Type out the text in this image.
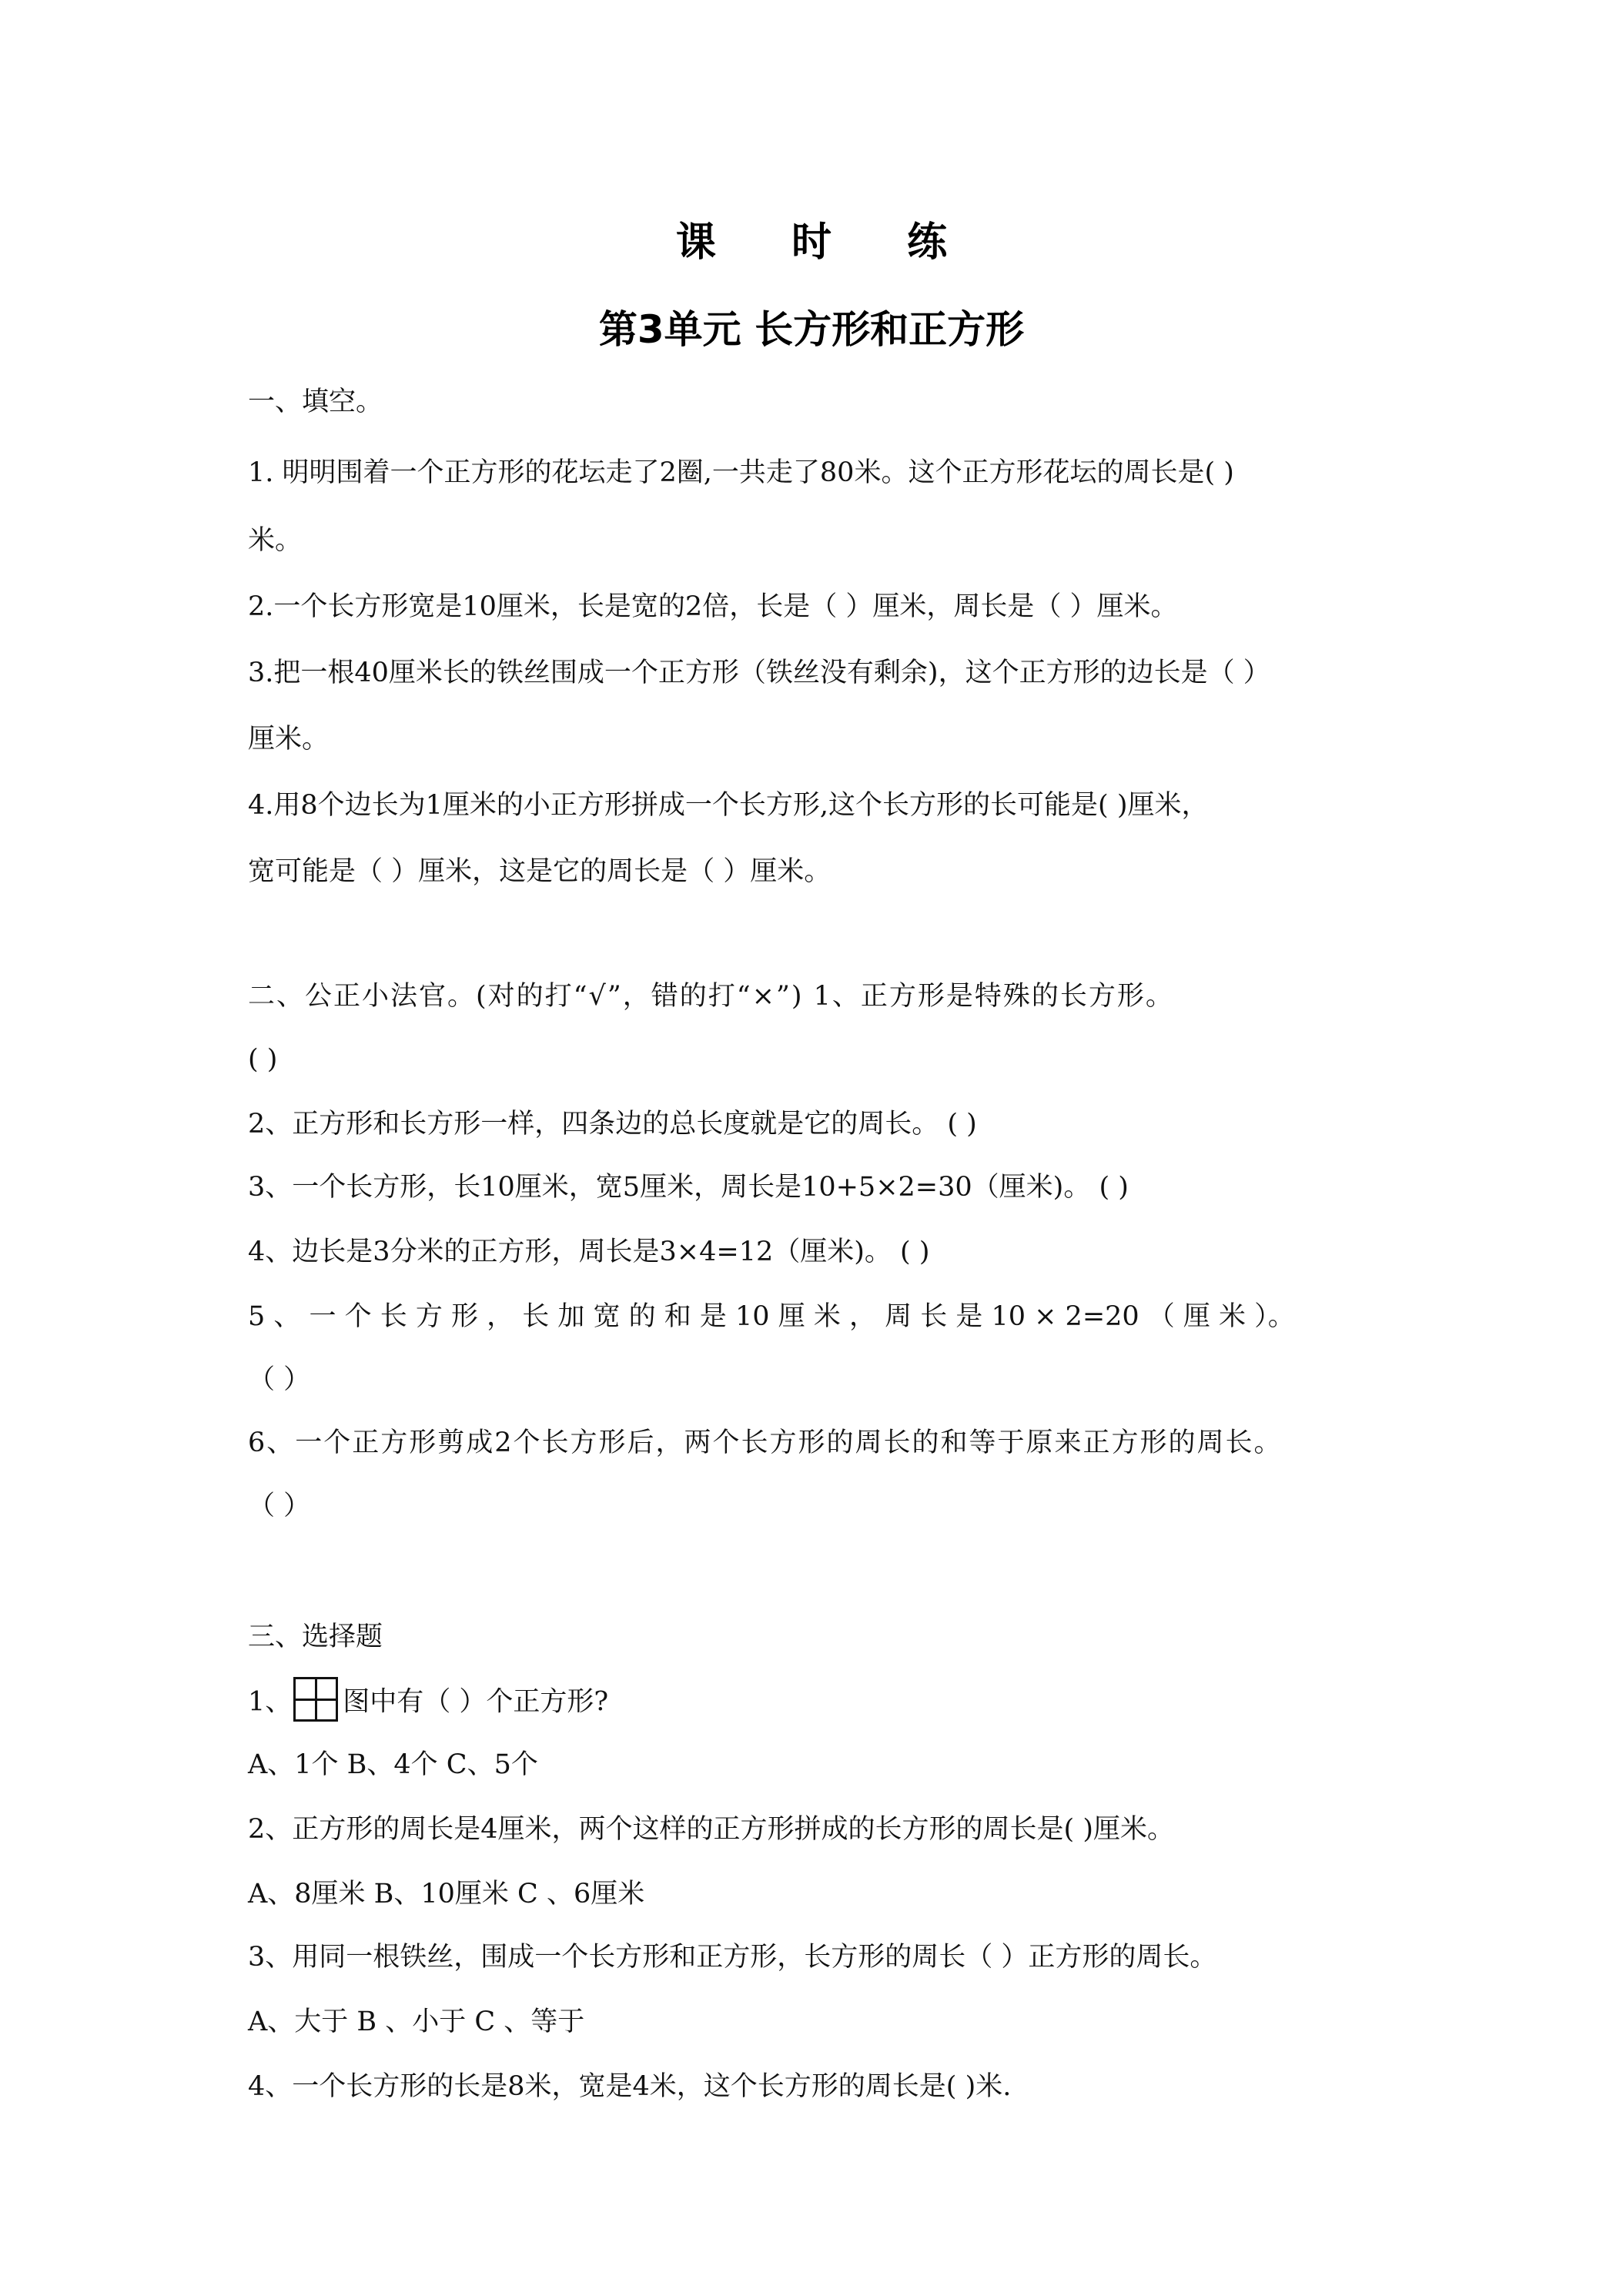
课 时 练
第3单元 长方形和正方形
一、填空。
1. 明明围着一个正方形的花坛走了2圈,一共走了80米。这个正方形花坛的周长是( )
米。
2.一个长方形宽是10厘米，长是宽的2倍，长是（ ）厘米，周长是（ ）厘米。
3.把一根40厘米长的铁丝围成一个正方形（铁丝没有剩余)，这个正方形的边长是（ ）
厘米。
4.用8个边长为1厘米的小正方形拼成一个长方形,这个长方形的长可能是( )厘米，
宽可能是（ ）厘米，这是它的周长是（ ）厘米。
二、公正小法官。(对的打“√”，错的打“×”) 1、正方形是特殊的长方形。
( )
2、正方形和长方形一样，四条边的总长度就是它的周长。 ( )
3、一个长方形，长10厘米，宽5厘米，周长是10+5×2=30（厘米)。 ( )
4、边长是3分米的正方形，周长是3×4=12（厘米)。 ( )
5 、 一 个 长 方 形 ， 长 加 宽 的 和 是 10 厘 米 ， 周 长 是 10 × 2=20 （ 厘 米 ）。
（ ）
6、一个正方形剪成2个长方形后，两个长方形的周长的和等于原来正方形的周长。
（ ）
三、选择题
1、 图中有（ ）个正方形?
A、1个 B、4个 C、5个
2、正方形的周长是4厘米，两个这样的正方形拼成的长方形的周长是( )厘米。
A、8厘米 B、10厘米 C 、6厘米
3、用同一根铁丝，围成一个长方形和正方形，长方形的周长（ ）正方形的周长。
A、大于 B 、小于 C 、等于
4、一个长方形的长是8米，宽是4米，这个长方形的周长是( )米.
